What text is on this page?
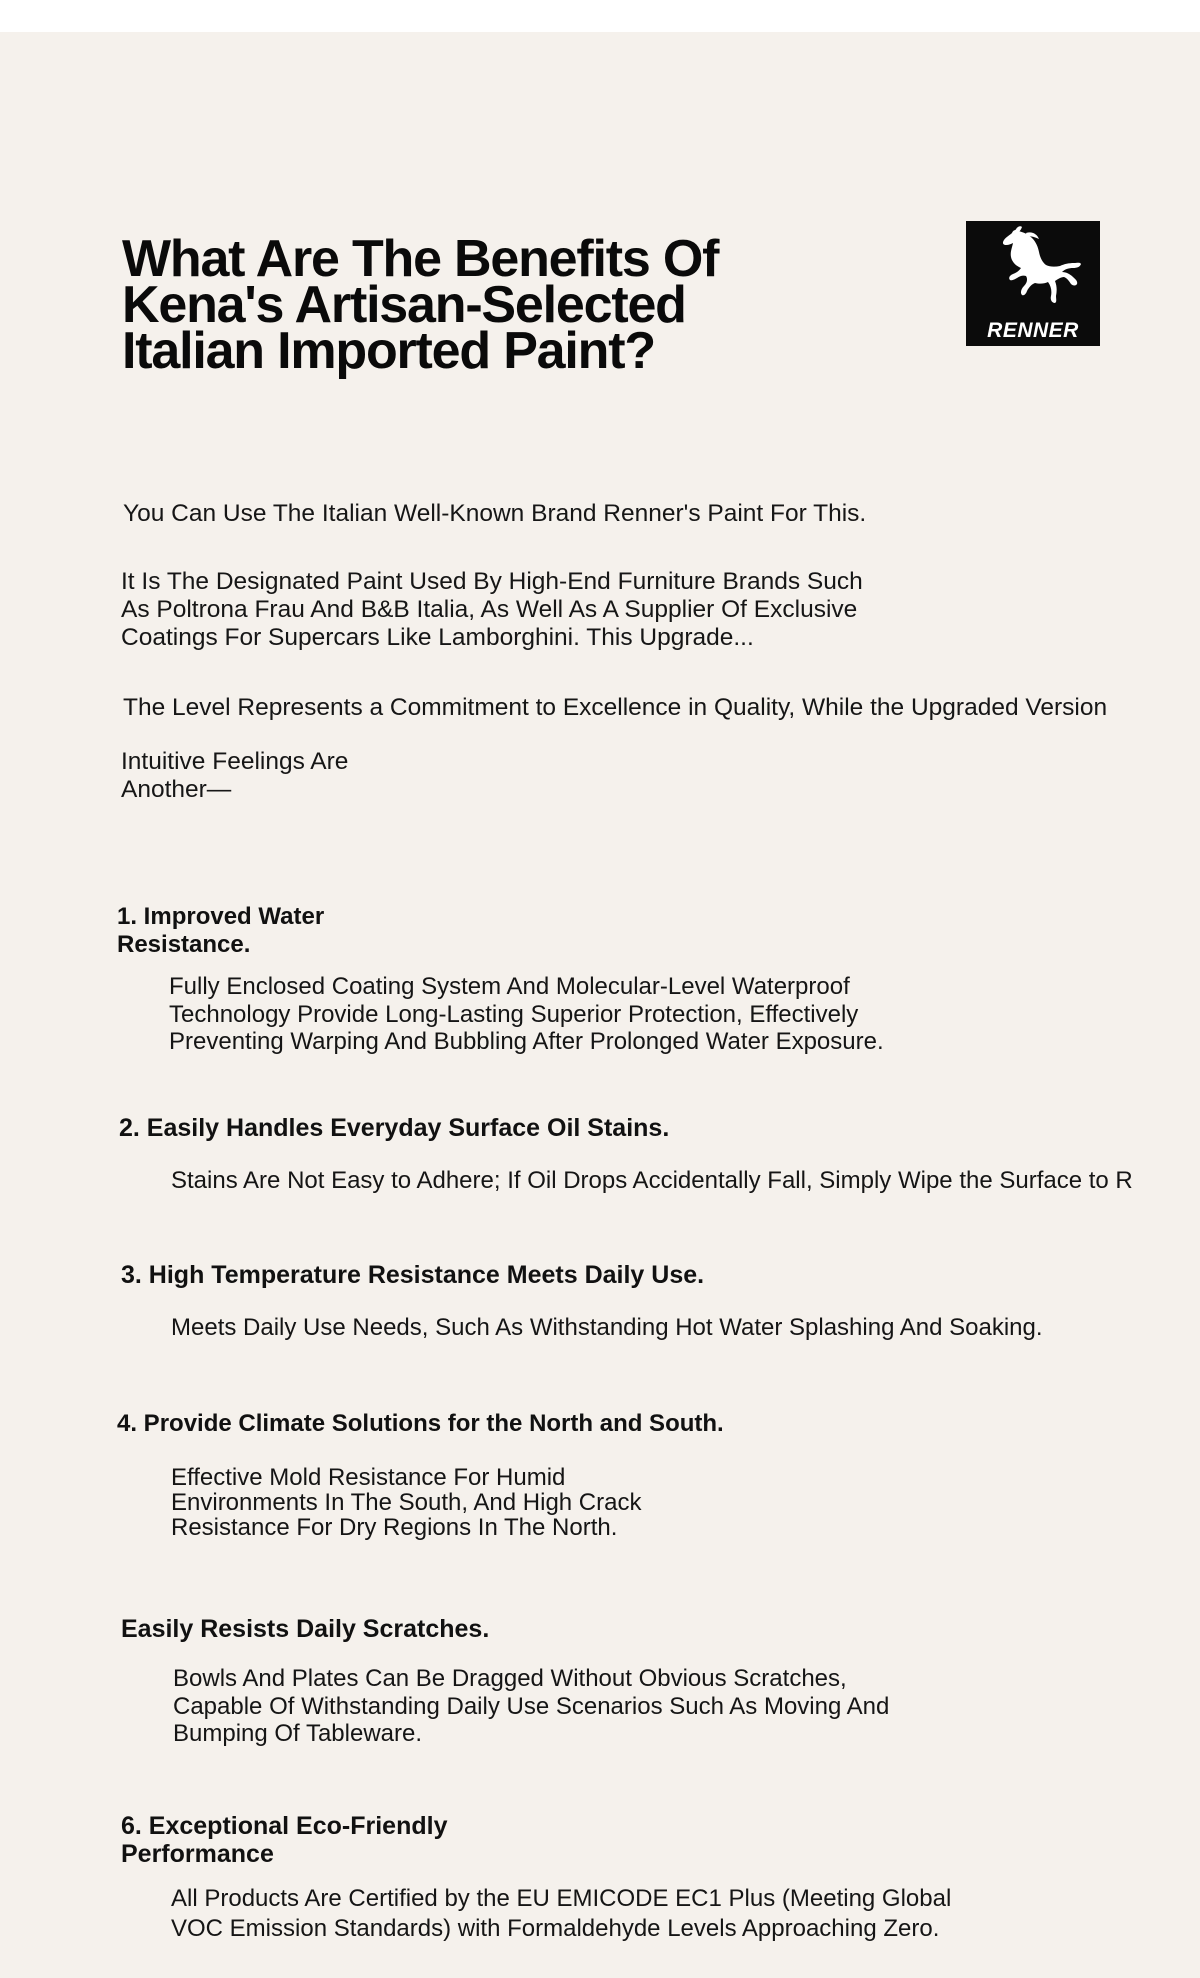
What Are The Benefits Of
Kena's Artisan-Selected
Italian Imported Paint?	RENNER

You Can Use The Italian Well-Known Brand Renner's Paint For This.

It Is The Designated Paint Used By High-End Furniture Brands Such
As Poltrona Frau And B&B Italia, As Well As A Supplier Of Exclusive
Coatings For Supercars Like Lamborghini. This Upgrade...

The Level Represents a Commitment to Excellence in Quality, While the Upgraded Version

Intuitive Feelings Are
Another—

1. Improved Water
Resistance.

Fully Enclosed Coating System And Molecular-Level Waterproof
Technology Provide Long-Lasting Superior Protection, Effectively
Preventing Warping And Bubbling After Prolonged Water Exposure.

2. Easily Handles Everyday Surface Oil Stains.

Stains Are Not Easy to Adhere; If Oil Drops Accidentally Fall, Simply Wipe the Surface to R

3. High Temperature Resistance Meets Daily Use.

Meets Daily Use Needs, Such As Withstanding Hot Water Splashing And Soaking.

4. Provide Climate Solutions for the North and South.

Effective Mold Resistance For Humid
Environments In The South, And High Crack
Resistance For Dry Regions In The North.

Easily Resists Daily Scratches.

Bowls And Plates Can Be Dragged Without Obvious Scratches,
Capable Of Withstanding Daily Use Scenarios Such As Moving And
Bumping Of Tableware.

6. Exceptional Eco-Friendly
Performance

All Products Are Certified by the EU EMICODE EC1 Plus (Meeting Global
VOC Emission Standards) with Formaldehyde Levels Approaching Zero.
